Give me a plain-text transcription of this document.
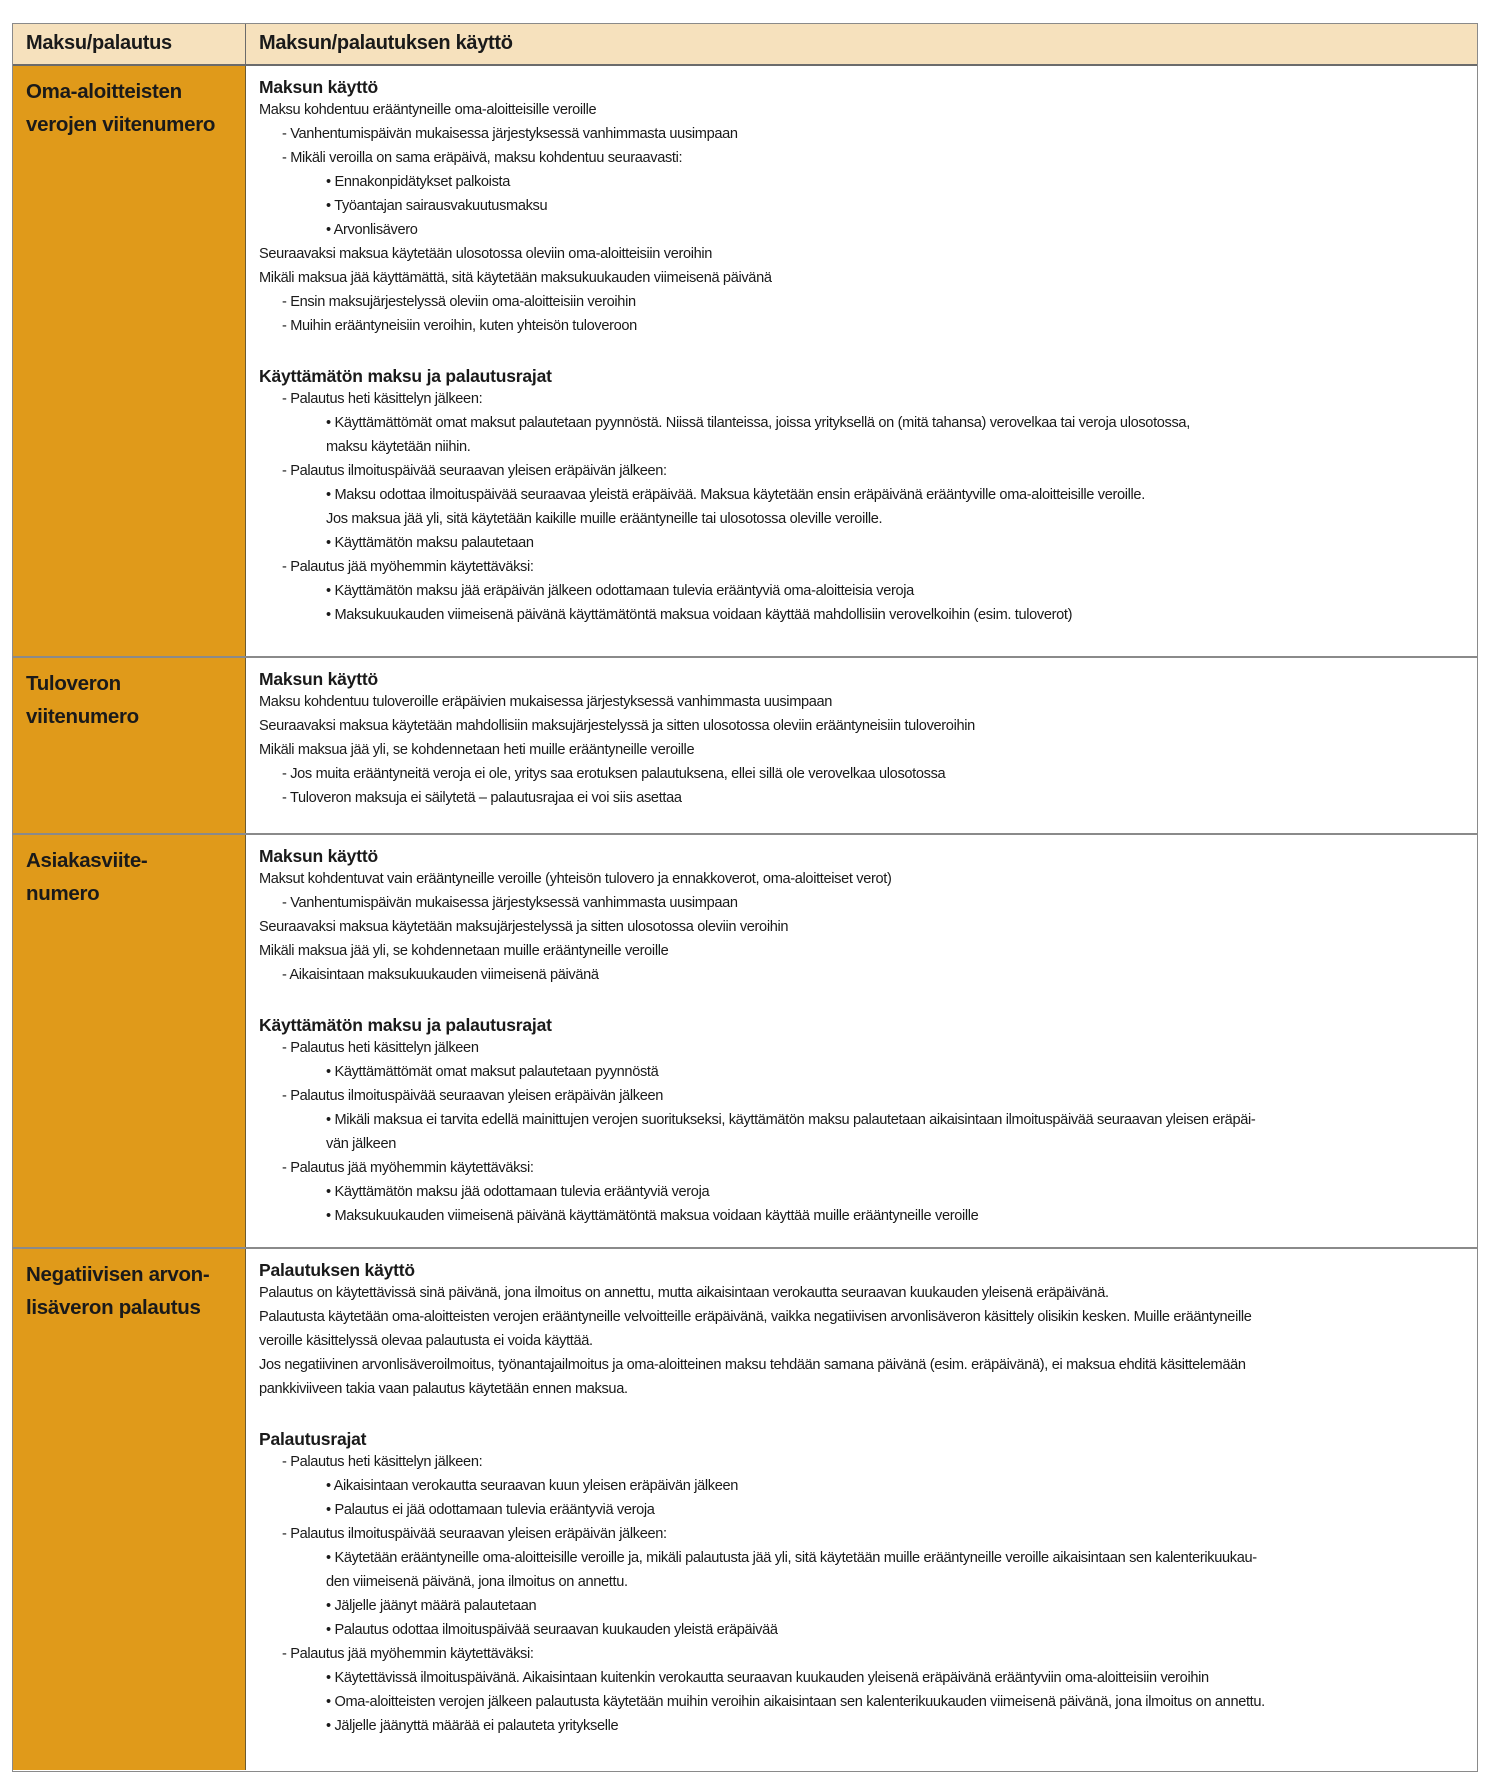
Maksu/palautus	Maksun/palautuksen käyttö
Oma-aloitteisten
verojen viitenumero
Maksun käyttö
Maksu kohdentuu erääntyneille oma-aloitteisille veroille
- Vanhentumispäivän mukaisessa järjestyksessä vanhimmasta uusimpaan
- Mikäli veroilla on sama eräpäivä, maksu kohdentuu seuraavasti:
• Ennakonpidätykset palkoista
• Työantajan sairausvakuutusmaksu
• Arvonlisävero
Seuraavaksi maksua käytetään ulosotossa oleviin oma-aloitteisiin veroihin
Mikäli maksua jää käyttämättä, sitä käytetään maksukuukauden viimeisenä päivänä
- Ensin maksujärjestelyssä oleviin oma-aloitteisiin veroihin
- Muihin erääntyneisiin veroihin, kuten yhteisön tuloveroon
Käyttämätön maksu ja palautusrajat
- Palautus heti käsittelyn jälkeen:
• Käyttämättömät omat maksut palautetaan pyynnöstä. Niissä tilanteissa, joissa yrityksellä on (mitä tahansa) verovelkaa tai veroja ulosotossa,
maksu käytetään niihin.
- Palautus ilmoituspäivää seuraavan yleisen eräpäivän jälkeen:
• Maksu odottaa ilmoituspäivää seuraavaa yleistä eräpäivää. Maksua käytetään ensin eräpäivänä erääntyville oma-aloitteisille veroille.
Jos maksua jää yli, sitä käytetään kaikille muille erääntyneille tai ulosotossa oleville veroille.
• Käyttämätön maksu palautetaan
- Palautus jää myöhemmin käytettäväksi:
• Käyttämätön maksu jää eräpäivän jälkeen odottamaan tulevia erääntyviä oma-aloitteisia veroja
• Maksukuukauden viimeisenä päivänä käyttämätöntä maksua voidaan käyttää mahdollisiin verovelkoihin (esim. tuloverot)
Tuloveron
viitenumero
Maksun käyttö
Maksu kohdentuu tuloveroille eräpäivien mukaisessa järjestyksessä vanhimmasta uusimpaan
Seuraavaksi maksua käytetään mahdollisiin maksujärjestelyssä ja sitten ulosotossa oleviin erääntyneisiin tuloveroihin
Mikäli maksua jää yli, se kohdennetaan heti muille erääntyneille veroille
- Jos muita erääntyneitä veroja ei ole, yritys saa erotuksen palautuksena, ellei sillä ole verovelkaa ulosotossa
- Tuloveron maksuja ei säilytetä – palautusrajaa ei voi siis asettaa
Asiakasviite-
numero
Maksun käyttö
Maksut kohdentuvat vain erääntyneille veroille (yhteisön tulovero ja ennakkoverot, oma-aloitteiset verot)
- Vanhentumispäivän mukaisessa järjestyksessä vanhimmasta uusimpaan
Seuraavaksi maksua käytetään maksujärjestelyssä ja sitten ulosotossa oleviin veroihin
Mikäli maksua jää yli, se kohdennetaan muille erääntyneille veroille
- Aikaisintaan maksukuukauden viimeisenä päivänä
Käyttämätön maksu ja palautusrajat
- Palautus heti käsittelyn jälkeen
• Käyttämättömät omat maksut palautetaan pyynnöstä
- Palautus ilmoituspäivää seuraavan yleisen eräpäivän jälkeen
• Mikäli maksua ei tarvita edellä mainittujen verojen suoritukseksi, käyttämätön maksu palautetaan aikaisintaan ilmoituspäivää seuraavan yleisen eräpäi-
vän jälkeen
- Palautus jää myöhemmin käytettäväksi:
• Käyttämätön maksu jää odottamaan tulevia erääntyviä veroja
• Maksukuukauden viimeisenä päivänä käyttämätöntä maksua voidaan käyttää muille erääntyneille veroille
Negatiivisen arvon-
lisäveron palautus
Palautuksen käyttö
Palautus on käytettävissä sinä päivänä, jona ilmoitus on annettu, mutta aikaisintaan verokautta seuraavan kuukauden yleisenä eräpäivänä.
Palautusta käytetään oma-aloitteisten verojen erääntyneille velvoitteille eräpäivänä, vaikka negatiivisen arvonlisäveron käsittely olisikin kesken. Muille erääntyneille
veroille käsittelyssä olevaa palautusta ei voida käyttää.
Jos negatiivinen arvonlisäveroilmoitus, työnantajailmoitus ja oma-aloitteinen maksu tehdään samana päivänä (esim. eräpäivänä), ei maksua ehditä käsittelemään
pankkiviiveen takia vaan palautus käytetään ennen maksua.
Palautusrajat
- Palautus heti käsittelyn jälkeen:
• Aikaisintaan verokautta seuraavan kuun yleisen eräpäivän jälkeen
• Palautus ei jää odottamaan tulevia erääntyviä veroja
- Palautus ilmoituspäivää seuraavan yleisen eräpäivän jälkeen:
• Käytetään erääntyneille oma-aloitteisille veroille ja, mikäli palautusta jää yli, sitä käytetään muille erääntyneille veroille aikaisintaan sen kalenterikuukau-
den viimeisenä päivänä, jona ilmoitus on annettu.
• Jäljelle jäänyt määrä palautetaan
• Palautus odottaa ilmoituspäivää seuraavan kuukauden yleistä eräpäivää
- Palautus jää myöhemmin käytettäväksi:
• Käytettävissä ilmoituspäivänä. Aikaisintaan kuitenkin verokautta seuraavan kuukauden yleisenä eräpäivänä erääntyviin oma-aloitteisiin veroihin
• Oma-aloitteisten verojen jälkeen palautusta käytetään muihin veroihin aikaisintaan sen kalenterikuukauden viimeisenä päivänä, jona ilmoitus on annettu.
• Jäljelle jäänyttä määrää ei palauteta yritykselle
